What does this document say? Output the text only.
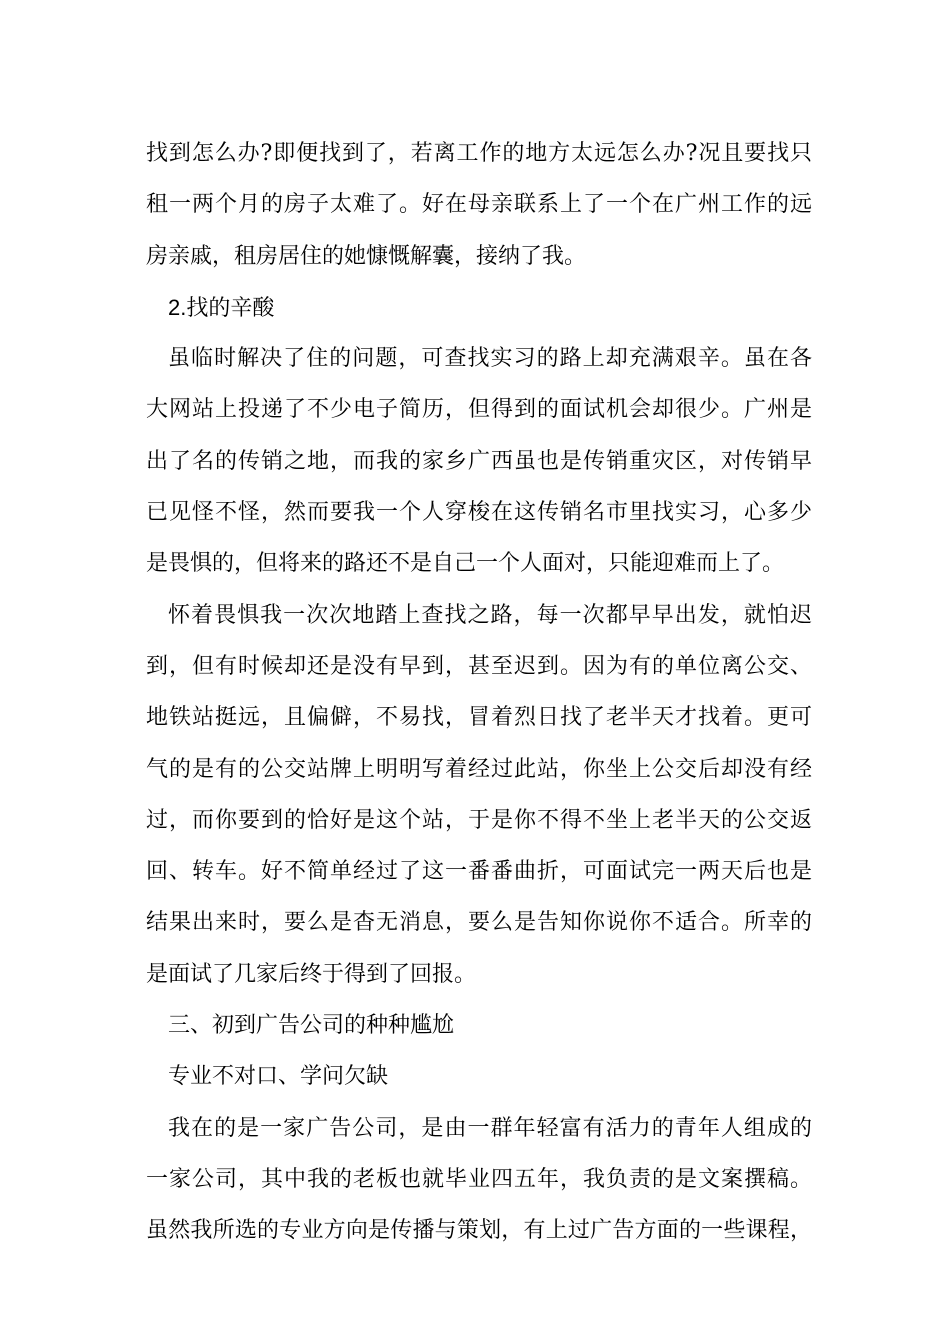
找到怎么办?即便找到了，若离工作的地方太远怎么办?况且要找只
租一两个月的房子太难了。好在母亲联系上了一个在广州工作的远
房亲戚，租房居住的她慷慨解囊，接纳了我。
2.找的辛酸
虽临时解决了住的问题，可查找实习的路上却充满艰辛。虽在各
大网站上投递了不少电子简历，但得到的面试机会却很少。广州是
出了名的传销之地，而我的家乡广西虽也是传销重灾区，对传销早
已见怪不怪，然而要我一个人穿梭在这传销名市里找实习，心多少
是畏惧的，但将来的路还不是自己一个人面对，只能迎难而上了。
怀着畏惧我一次次地踏上查找之路，每一次都早早出发，就怕迟
到，但有时候却还是没有早到，甚至迟到。因为有的单位离公交、
地铁站挺远，且偏僻，不易找，冒着烈日找了老半天才找着。更可
气的是有的公交站牌上明明写着经过此站，你坐上公交后却没有经
过，而你要到的恰好是这个站，于是你不得不坐上老半天的公交返
回、转车。好不简单经过了这一番番曲折，可面试完一两天后也是
结果出来时，要么是杳无消息，要么是告知你说你不适合。所幸的
是面试了几家后终于得到了回报。
三、初到广告公司的种种尴尬
专业不对口、学问欠缺
我在的是一家广告公司，是由一群年轻富有活力的青年人组成的
一家公司，其中我的老板也就毕业四五年，我负责的是文案撰稿。
虽然我所选的专业方向是传播与策划，有上过广告方面的一些课程，
